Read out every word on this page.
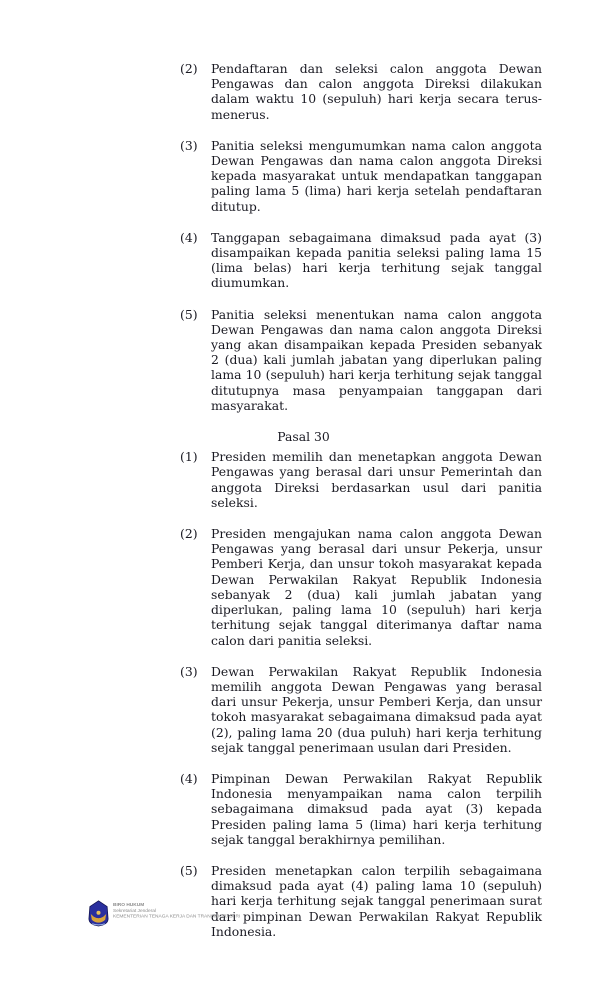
(2)	Pendaftaran dan seleksi calon anggota Dewan Pengawas dan calon anggota Direksi dilakukan dalam waktu 10 (sepuluh) hari kerja secara terus-menerus.
(3)	Panitia seleksi mengumumkan nama calon anggota Dewan Pengawas dan nama calon anggota Direksi kepada masyarakat untuk mendapatkan tanggapan paling lama 5 (lima) hari kerja setelah pendaftaran ditutup.
(4)	Tanggapan sebagaimana dimaksud pada ayat (3) disampaikan kepada panitia seleksi paling lama 15 (lima belas) hari kerja terhitung sejak tanggal diumumkan.
(5)	Panitia seleksi menentukan nama calon anggota Dewan Pengawas dan nama calon anggota Direksi yang akan disampaikan kepada Presiden sebanyak 2 (dua) kali jumlah jabatan yang diperlukan paling lama 10 (sepuluh) hari kerja terhitung sejak tanggal ditutupnya masa penyampaian tanggapan dari masyarakat.
Pasal 30
(1)	Presiden memilih dan menetapkan anggota Dewan Pengawas yang berasal dari unsur Pemerintah dan anggota Direksi berdasarkan usul dari panitia seleksi.
(2)	Presiden mengajukan nama calon anggota Dewan Pengawas yang berasal dari unsur Pekerja, unsur Pemberi Kerja, dan unsur tokoh masyarakat kepada Dewan Perwakilan Rakyat Republik Indonesia sebanyak 2 (dua) kali jumlah jabatan yang diperlukan, paling lama 10 (sepuluh) hari kerja terhitung sejak tanggal diterimanya daftar nama calon dari panitia seleksi.
(3)	Dewan Perwakilan Rakyat Republik Indonesia memilih anggota Dewan Pengawas yang berasal dari unsur Pekerja, unsur Pemberi Kerja, dan unsur tokoh masyarakat sebagaimana dimaksud pada ayat (2), paling lama 20 (dua puluh) hari kerja terhitung sejak tanggal penerimaan usulan dari Presiden.
(4)	Pimpinan Dewan Perwakilan Rakyat Republik Indonesia menyampaikan nama calon terpilih sebagaimana dimaksud pada ayat (3) kepada Presiden paling lama 5 (lima) hari kerja terhitung sejak tanggal berakhirnya pemilihan.
(5)	Presiden menetapkan calon terpilih sebagaimana dimaksud pada ayat (4) paling lama 10 (sepuluh) hari kerja terhitung sejak tanggal penerimaan surat dari pimpinan Dewan Perwakilan Rakyat Republik Indonesia.
BIRO HUKUM
Sekretariat Jenderal
KEMENTERIAN TENAGA KERJA DAN TRANSMIGRASI RI
